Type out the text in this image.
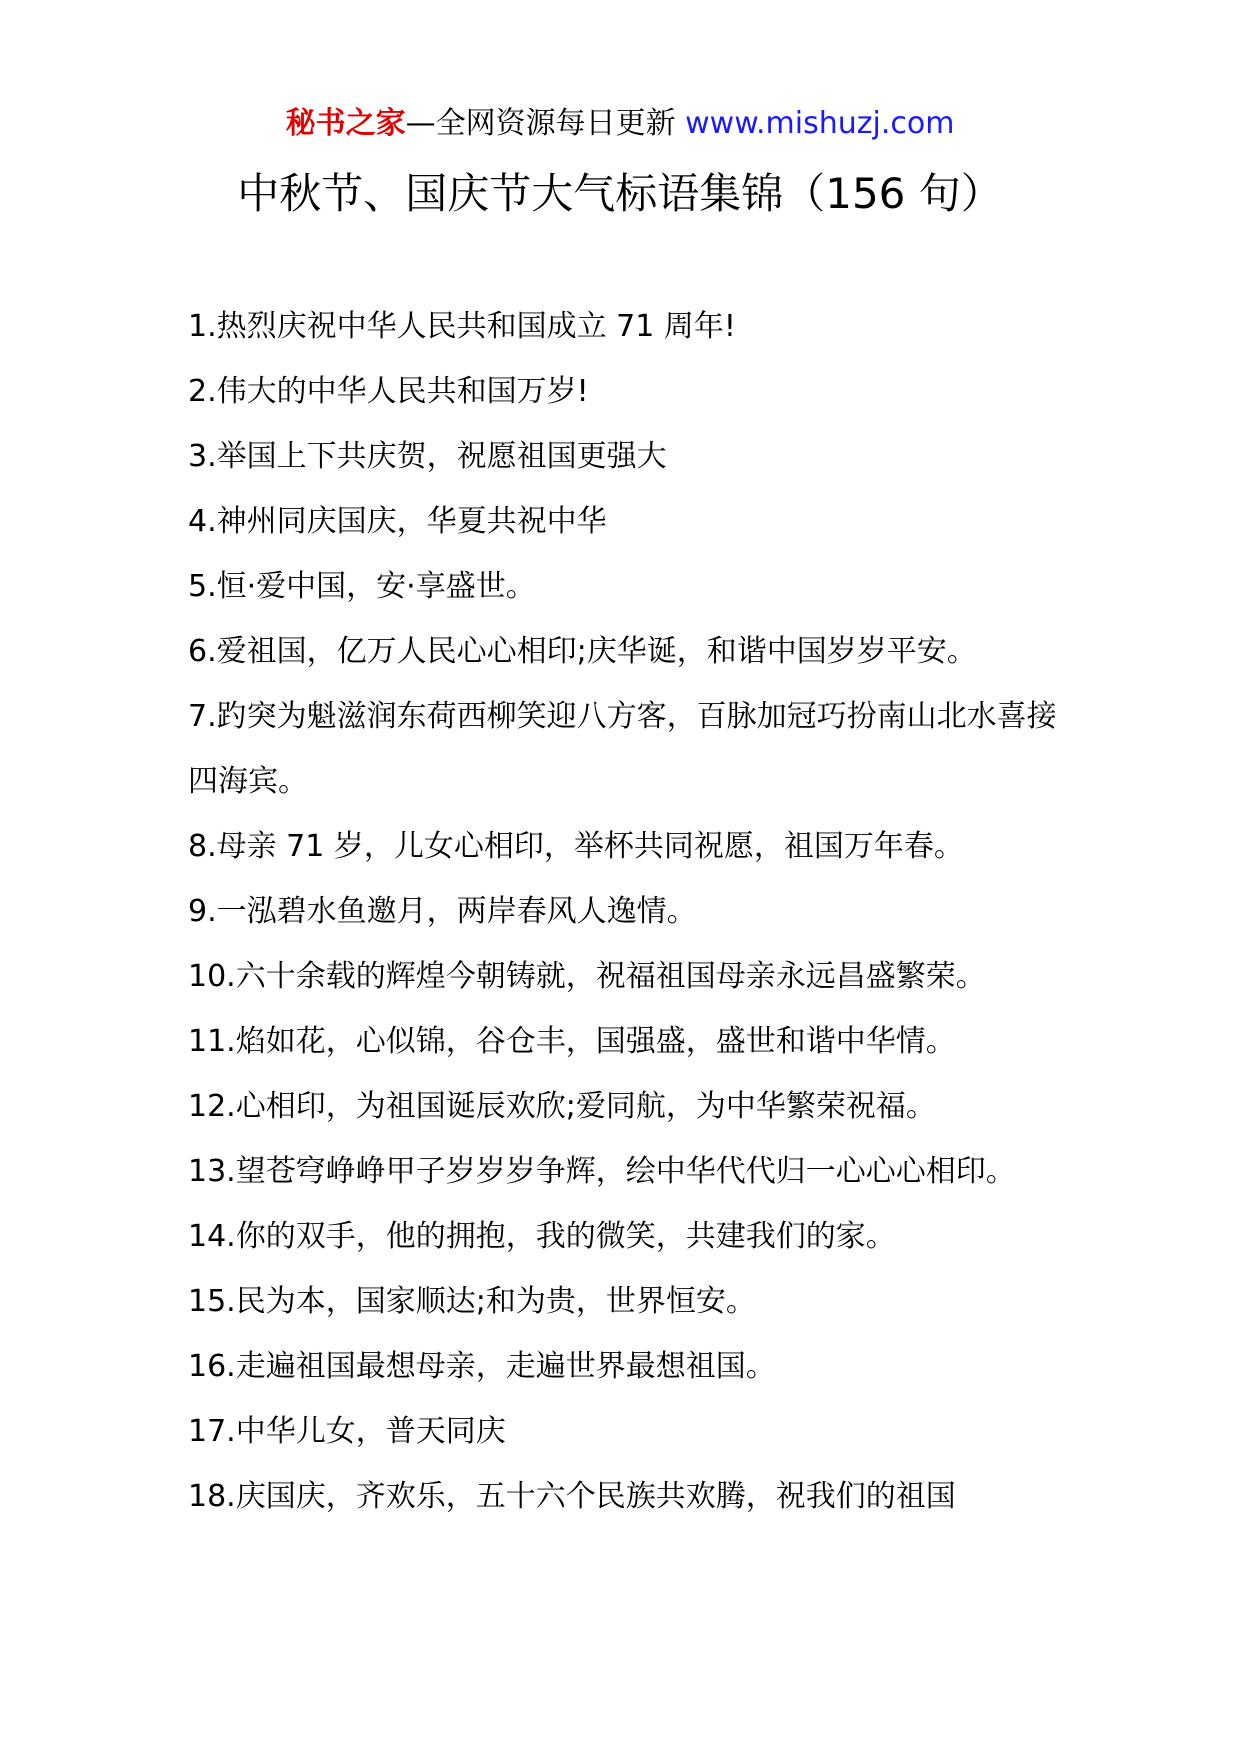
秘书之家—全网资源每日更新 www.mishuzj.com
中秋节、国庆节大气标语集锦（156 句）
1.热烈庆祝中华人民共和国成立 71 周年!
2.伟大的中华人民共和国万岁!
3.举国上下共庆贺，祝愿祖国更强大
4.神州同庆国庆，华夏共祝中华
5.恒·爱中国，安·享盛世。
6.爱祖国，亿万人民心心相印;庆华诞，和谐中国岁岁平安。
7.趵突为魁滋润东荷西柳笑迎八方客，百脉加冠巧扮南山北水喜接四海宾。
8.母亲 71 岁，儿女心相印，举杯共同祝愿，祖国万年春。
9.一泓碧水鱼邀月，两岸春风人逸情。
10.六十余载的辉煌今朝铸就，祝福祖国母亲永远昌盛繁荣。
11.焰如花，心似锦，谷仓丰，国强盛，盛世和谐中华情。
12.心相印，为祖国诞辰欢欣;爱同航，为中华繁荣祝福。
13.望苍穹峥峥甲子岁岁岁争辉，绘中华代代归一心心心相印。
14.你的双手，他的拥抱，我的微笑，共建我们的家。
15.民为本，国家顺达;和为贵，世界恒安。
16.走遍祖国最想母亲，走遍世界最想祖国。
17.中华儿女，普天同庆
18.庆国庆，齐欢乐，五十六个民族共欢腾，祝我们的祖国
